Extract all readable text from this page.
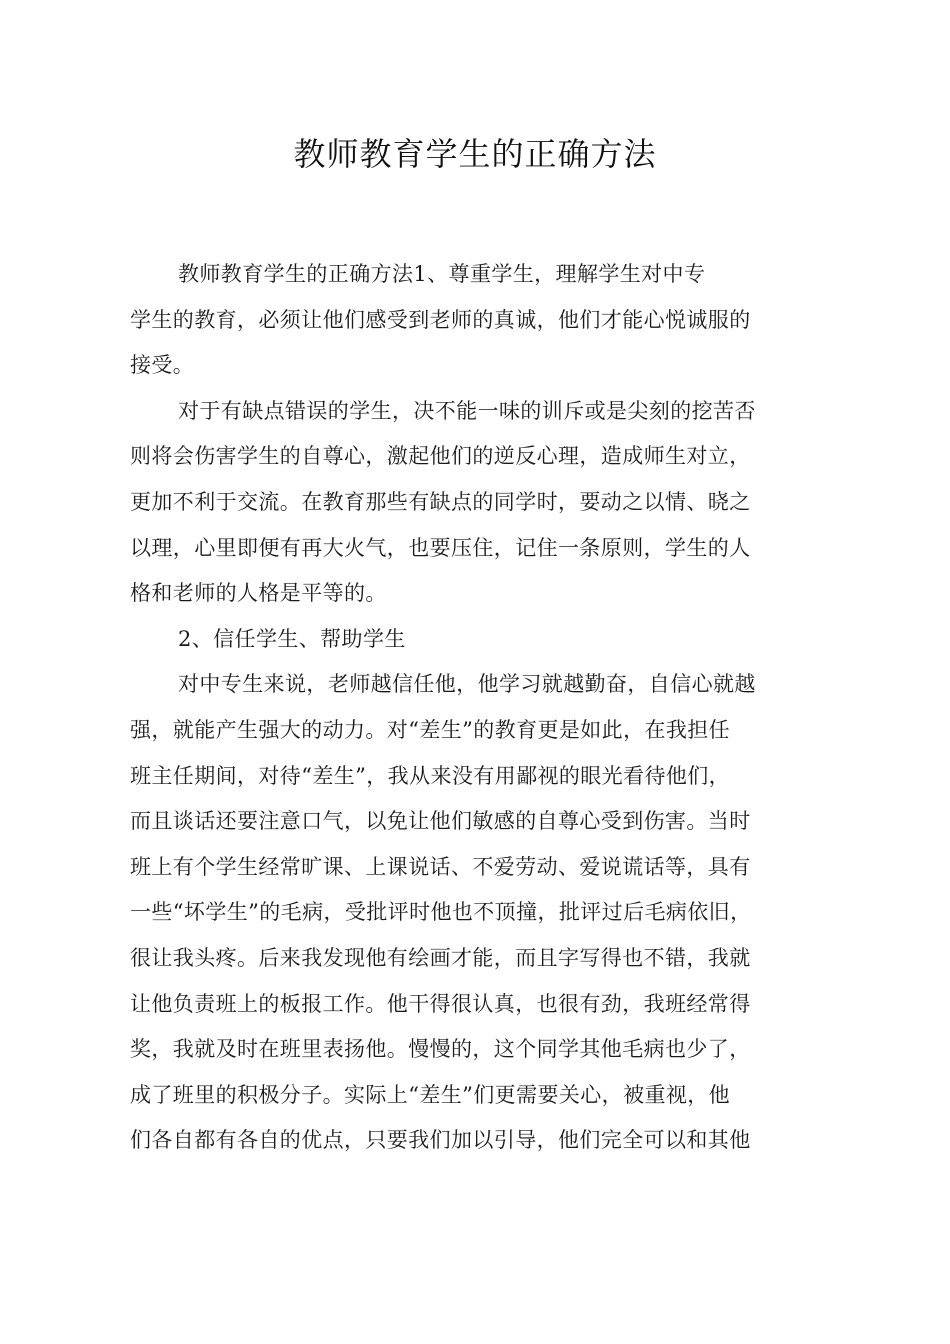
教师教育学生的正确方法
教师教育学生的正确方法1、尊重学生，理解学生对中专
学生的教育，必须让他们感受到老师的真诚，他们才能心悦诚服的
接受。
对于有缺点错误的学生，决不能一味的训斥或是尖刻的挖苦否
则将会伤害学生的自尊心，激起他们的逆反心理，造成师生对立，
更加不利于交流。在教育那些有缺点的同学时，要动之以情、晓之
以理，心里即便有再大火气，也要压住，记住一条原则，学生的人
格和老师的人格是平等的。
2、信任学生、帮助学生
对中专生来说，老师越信任他，他学习就越勤奋，自信心就越
强，就能产生强大的动力。对“差生”的教育更是如此，在我担任
班主任期间，对待“差生”，我从来没有用鄙视的眼光看待他们，
而且谈话还要注意口气，以免让他们敏感的自尊心受到伤害。当时
班上有个学生经常旷课、上课说话、不爱劳动、爱说谎话等，具有
一些“坏学生”的毛病，受批评时他也不顶撞，批评过后毛病依旧，
很让我头疼。后来我发现他有绘画才能，而且字写得也不错，我就
让他负责班上的板报工作。他干得很认真，也很有劲，我班经常得
奖，我就及时在班里表扬他。慢慢的，这个同学其他毛病也少了，
成了班里的积极分子。实际上“差生”们更需要关心，被重视，他
们各自都有各自的优点，只要我们加以引导，他们完全可以和其他
